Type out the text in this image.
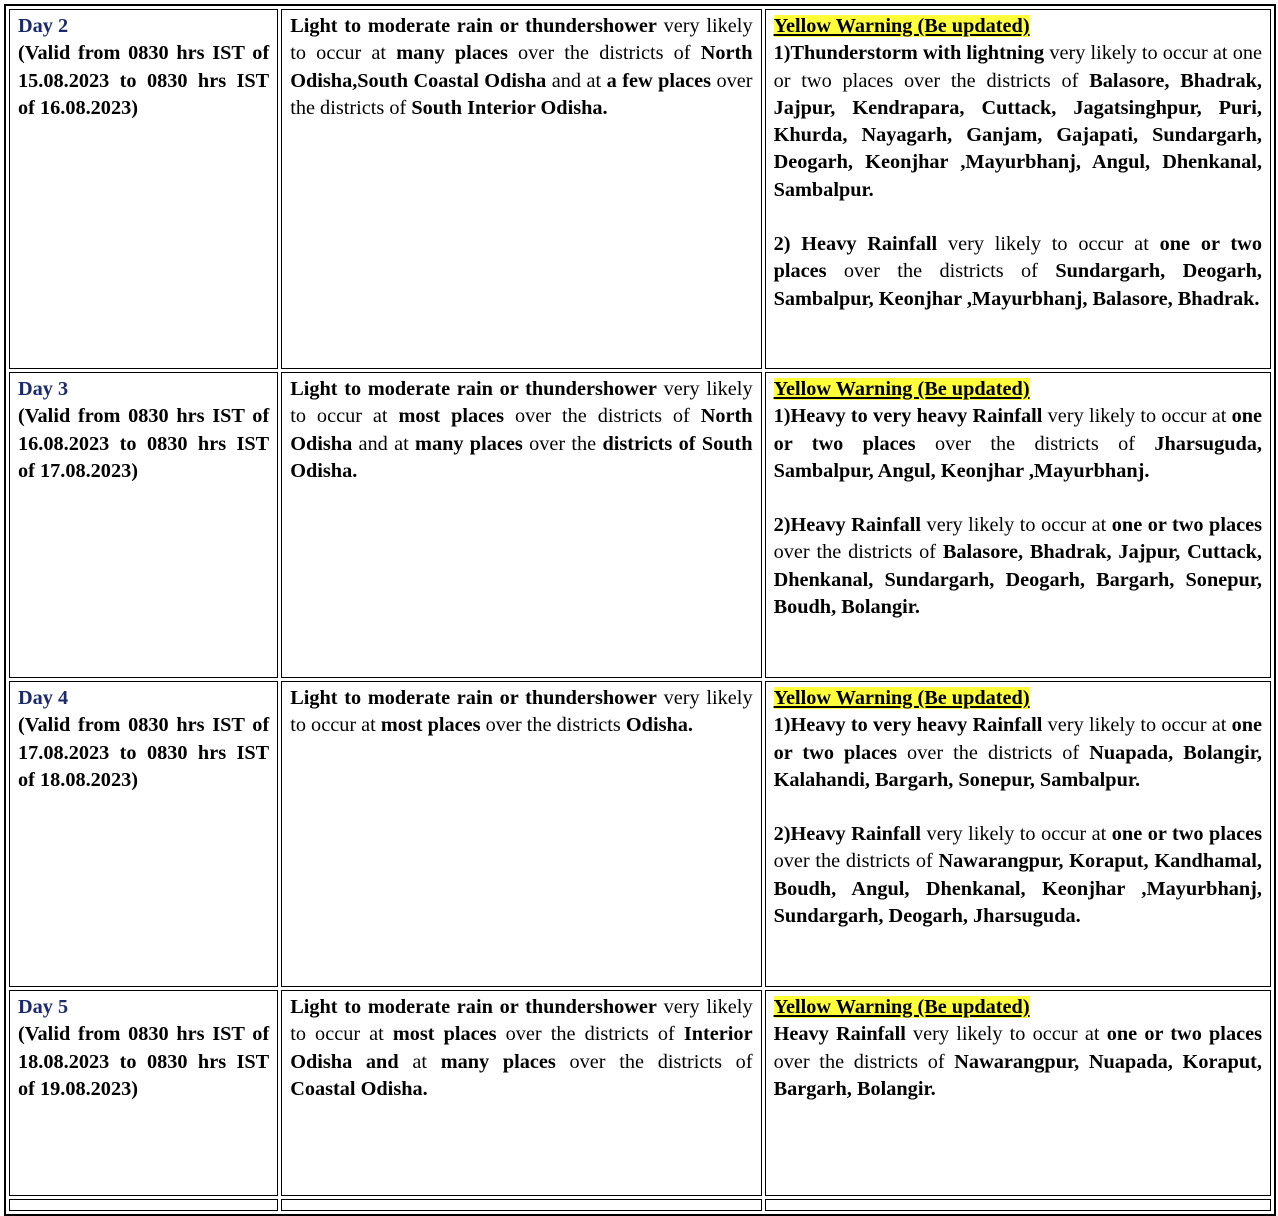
Day 2
(Valid from 0830 hrs IST of 15.08.2023 to 0830 hrs IST of 16.08.2023)	Light to moderate rain or thundershower very likely to occur at many places over the districts of North Odisha,South Coastal Odisha and at a few places over the districts of South Interior Odisha.	Yellow Warning (Be updated)
1)Thunderstorm with lightning very likely to occur at one or two places over the districts of Balasore, Bhadrak, Jajpur, Kendrapara, Cuttack, Jagatsinghpur, Puri, Khurda, Nayagarh, Ganjam, Gajapati, Sundargarh, Deogarh, Keonjhar ,Mayurbhanj, Angul, Dhenkanal, Sambalpur.
2) Heavy Rainfall very likely to occur at one or two places over the districts of Sundargarh, Deogarh, Sambalpur, Keonjhar ,Mayurbhanj, Balasore, Bhadrak.

Day 3
(Valid from 0830 hrs IST of 16.08.2023 to 0830 hrs IST of 17.08.2023)	Light to moderate rain or thundershower very likely to occur at most places over the districts of North Odisha and at many places over the districts of South Odisha.	Yellow Warning (Be updated)
1)Heavy to very heavy Rainfall very likely to occur at one or two places over the districts of Jharsuguda, Sambalpur, Angul, Keonjhar ,Mayurbhanj.
2)Heavy Rainfall very likely to occur at one or two places over the districts of Balasore, Bhadrak, Jajpur, Cuttack, Dhenkanal, Sundargarh, Deogarh, Bargarh, Sonepur, Boudh, Bolangir.

Day 4
(Valid from 0830 hrs IST of 17.08.2023 to 0830 hrs IST of 18.08.2023)	Light to moderate rain or thundershower very likely to occur at most places over the districts Odisha.	Yellow Warning (Be updated)
1)Heavy to very heavy Rainfall very likely to occur at one or two places over the districts of Nuapada, Bolangir, Kalahandi, Bargarh, Sonepur, Sambalpur.
2)Heavy Rainfall very likely to occur at one or two places over the districts of Nawarangpur, Koraput, Kandhamal, Boudh, Angul, Dhenkanal, Keonjhar ,Mayurbhanj, Sundargarh, Deogarh, Jharsuguda.

Day 5
(Valid from 0830 hrs IST of 18.08.2023 to 0830 hrs IST of 19.08.2023)	Light to moderate rain or thundershower very likely to occur at most places over the districts of Interior Odisha and at many places over the districts of Coastal Odisha.	Yellow Warning (Be updated)
Heavy Rainfall very likely to occur at one or two places over the districts of Nawarangpur, Nuapada, Koraput, Bargarh, Bolangir.
